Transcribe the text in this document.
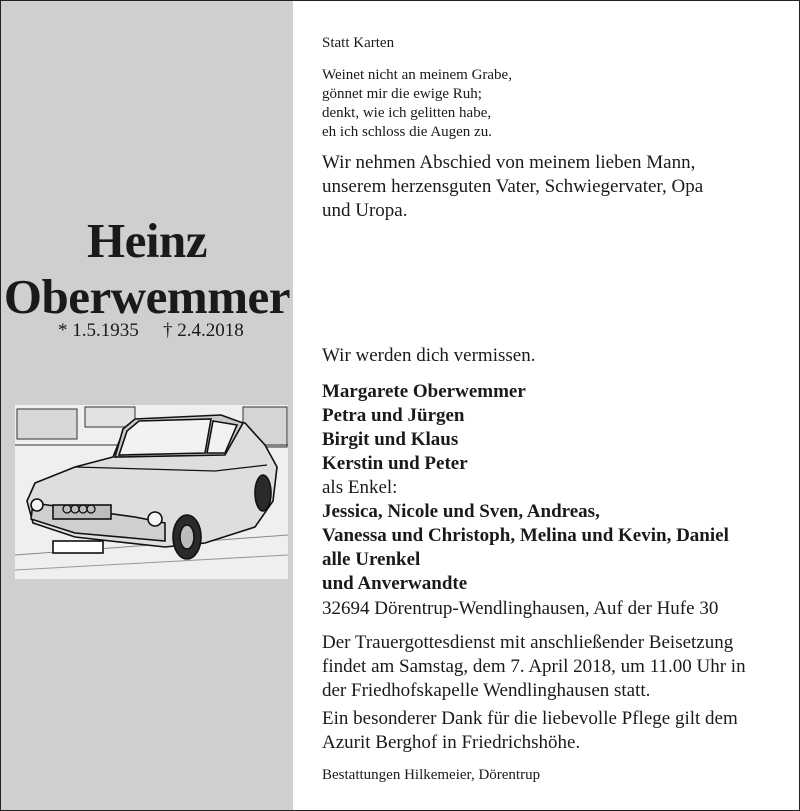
Heinz
Oberwemmer
* 1.5.1935 † 2.4.2018
Statt Karten
Weinet nicht an meinem Grabe,
gönnet mir die ewige Ruh;
denkt, wie ich gelitten habe,
eh ich schloss die Augen zu.
Wir nehmen Abschied von meinem lieben Mann,
unserem herzensguten Vater, Schwiegervater, Opa
und Uropa.
Wir werden dich vermissen.
Margarete Oberwemmer
Petra und Jürgen
Birgit und Klaus
Kerstin und Peter
als Enkel:
Jessica, Nicole und Sven, Andreas,
Vanessa und Christoph, Melina und Kevin, Daniel
alle Urenkel
und Anverwandte
32694 Dörentrup-Wendlinghausen, Auf der Hufe 30
Der Trauergottesdienst mit anschließender Beisetzung
findet am Samstag, dem 7. April 2018, um 11.00 Uhr in
der Friedhofskapelle Wendlinghausen statt.
Ein besonderer Dank für die liebevolle Pflege gilt dem
Azurit Berghof in Friedrichshöhe.
Bestattungen Hilkemeier, Dörentrup
